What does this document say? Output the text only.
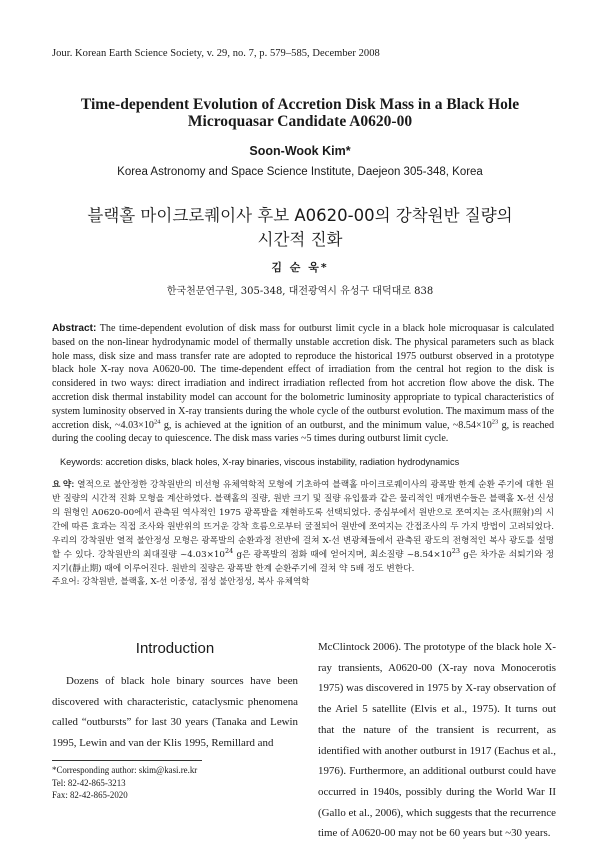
Jour. Korean Earth Science Society, v. 29, no. 7, p. 579–585, December 2008
Time-dependent Evolution of Accretion Disk Mass in a Black Hole
Microquasar Candidate A0620-00
Soon-Wook Kim*
Korea Astronomy and Space Science Institute, Daejeon 305-348, Korea
블랙홀 마이크로퀘이사 후보 A0620-00의 강착원반 질량의
시간적 진화
김 순 욱*
한국천문연구원, 305-348, 대전광역시 유성구 대덕대로 838
Abstract: The time-dependent evolution of disk mass for outburst limit cycle in a black hole microquasar is calculated based on the non-linear hydrodynamic model of thermally unstable accretion disk. The physical parameters such as black hole mass, disk size and mass transfer rate are adopted to reproduce the historical 1975 outburst observed in a prototype black hole X-ray nova A0620-00. The time-dependent effect of irradiation from the central hot region to the disk is considered in two ways: direct irradiation and indirect irradiation reflected from hot accretion flow above the disk. The accretion disk thermal instability model can account for the bolometric luminosity appropriate to typical characteristics of system luminosity observed in X-ray transients during the whole cycle of the outburst evolution. The maximum mass of the accretion disk, $\sim 4.03\times 10^{24}$ g, is achieved at the ignition of an outburst, and the minimum value, $\sim 8.54\times 10^{23}$ g, is reached during the cooling decay to quiescence. The disk mass varies ~5 times during outburst limit cycle.
Keywords: accretion disks, black holes, X-ray binaries, viscous instability, radiation hydrodynamics
요 약: 열적으로 불안정한 강착원반의 비선형 유체역학적 모형에 기초하여 블랙홀 마이크로퀘이사의 광폭발 한계 순환 주기에 대한 원반 질량의 시간적 진화 모형을 계산하였다. 블랙홀의 질량, 원반 크기 및 질량 유입률과 같은 물리적인 매개변수들은 블랙홀 X-선 신성의 원형인 A0620-00에서 관측된 역사적인 1975 광폭발을 재현하도록 선택되었다. 중심부에서 원반으로 쪼여지는 조사(照射)의 시간에 따른 효과는 직접 조사와 원반위의 뜨거운 강착 흐름으로부터 굴절되어 원반에 쪼여지는 간접조사의 두 가지 방법이 고려되었다. 우리의 강착원반 열적 불안정성 모형은 광폭발의 순환과정 전반에 걸쳐 X-선 변광체들에서 관측된 광도의 전형적인 복사 광도를 설명할 수 있다. 강착원반의 최대질량 $\sim 4.03\times 10^{24}$ g은 광폭발의 점화 때에 얻어지며, 최소질량 $\sim 8.54\times 10^{23}$ g은 차가운 쇠퇴기와 정지기(靜止期) 때에 이루어진다. 원반의 질량은 광폭발 한계 순환주기에 걸쳐 약 5배 정도 변한다.
주요어: 강착원반, 블랙홀, X-선 이중성, 점성 불안정성, 복사 유체역학
Introduction
Dozens of black hole binary sources have been discovered with characteristic, cataclysmic phenomena called “outbursts” for last 30 years (Tanaka and Lewin 1995, Lewin and van der Klis 1995, Remillard and
McClintock 2006). The prototype of the black hole X-ray transients, A0620-00 (X-ray nova Monocerotis 1975) was discovered in 1975 by X-ray observation of the Ariel 5 satellite (Elvis et al., 1975). It turns out that the nature of the transient is recurrent, as identified with another outburst in 1917 (Eachus et al., 1976). Furthermore, an additional outburst could have occurred in 1940s, possibly during the World War II (Gallo et al., 2006), which suggests that the recurrence time of A0620-00 may not be 60 years but ~30 years.
*Corresponding author: skim@kasi.re.kr
Tel: 82-42-865-3213
Fax: 82-42-865-2020
